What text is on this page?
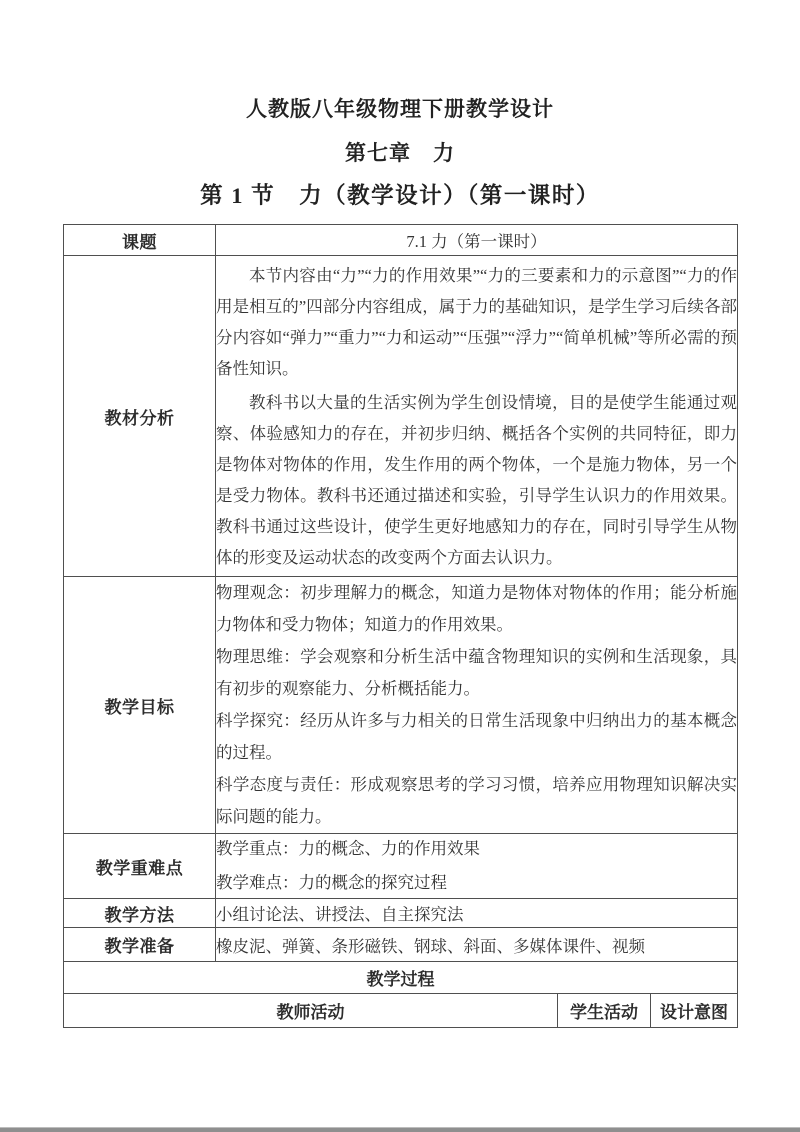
人教版八年级物理下册教学设计
第七章　力
第 1 节　力（教学设计）（第一课时）
课题	7.1 力（第一课时）		
教材分析	本节内容由“力”“力的作用效果”“力的三要素和力的示意图”“力的作用是相互的”四部分内容组成，属于力的基础知识，是学生学习后续各部分内容如“弹力”“重力”“力和运动”“压强”“浮力”“简单机械”等所必需的预备性知识。

教科书以大量的生活实例为学生创设情境，目的是使学生能通过观察、体验感知力的存在，并初步归纳、概括各个实例的共同特征，即力是物体对物体的作用，发生作用的两个物体，一个是施力物体，另一个是受力物体。教科书还通过描述和实验，引导学生认识力的作用效果。教科书通过这些设计，使学生更好地感知力的存在，同时引导学生从物体的形变及运动状态的改变两个方面去认识力。		

教学目标	物理观念：初步理解力的概念，知道力是物体对物体的作用；能分析施力物体和受力物体；知道力的作用效果。
物理思维：学会观察和分析生活中蕴含物理知识的实例和生活现象，具有初步的观察能力、分析概括能力。
科学探究：经历从许多与力相关的日常生活现象中归纳出力的基本概念的过程。
科学态度与责任：形成观察思考的学习习惯，培养应用物理知识解决实际问题的能力。		

教学重难点	教学重点：力的概念、力的作用效果
教学难点：力的概念的探究过程		

教学方法	小组讨论法、讲授法、自主探究法		
教学准备	橡皮泥、弹簧、条形磁铁、钢球、斜面、多媒体课件、视频		
教学过程			
教师活动		学生活动	设计意图
